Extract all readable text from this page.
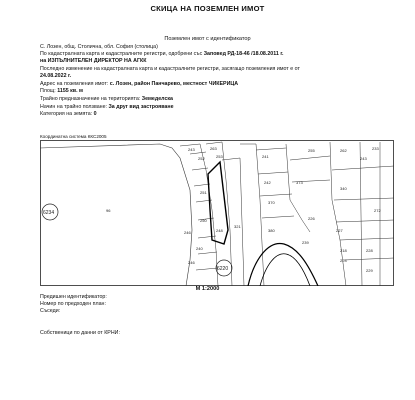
СКИЦА НА ПОЗЕМЛЕН ИМОТ
Поземлен имот с идентификатор
С. Лозен, общ. Столична, обл. София (столица)
По кадастралната карта и кадастралните регистри, одобрени със Заповед РД-18-46 /18.08.2011 г.
на ИЗПЪЛНИТЕЛЕН ДИРЕКТОР НА АГКК
Последно изменение на кадастралната карта и кадастралните регистри, засягащо поземления имот е от
24.08.2022 г.
Адрес на поземления имот: с. Лозен, район Панчарево, местност ЧИКЕРИЦА
Площ: 1155 кв. м
Трайно предназначение на територията: Земеделска
Начин на трайно ползване: За друг вид застрояване
Категория на земята: 0
Координатна система ККС2005
6234
6220
96
243	263
252	253	241
255	262
243
233
242	373
340
251
370
250
246	248
321
380
226
239
227
218
240
224
272
246
228
229
М 1:2000
Предишен идентификатор:
Номер по предходен план:
Съседи:
Собственици по данни от КРНИ:
